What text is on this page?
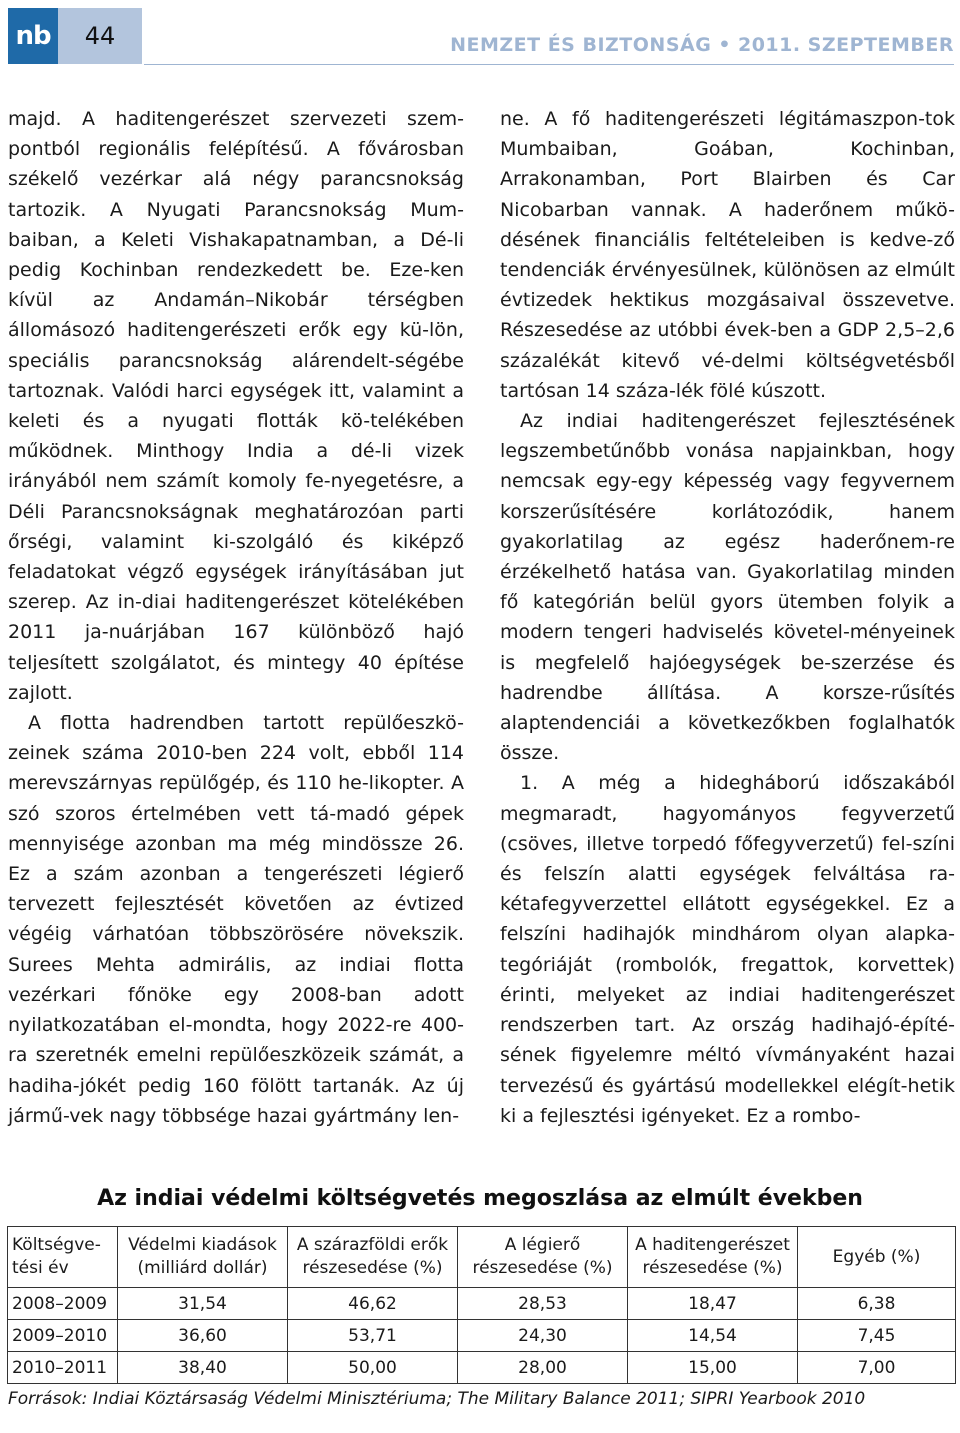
nb	44	NEMZET ÉS BIZTONSÁG • 2011. SZEPTEMBER

majd. A haditengerészet szervezeti szem-pontból regionális felépítésű. A fővárosban székelő vezérkar alá négy parancsnokság tartozik. A Nyugati Parancsnokság Mum-baiban, a Keleti Vishakapatnamban, a Dé-li pedig Kochinban rendezkedett be. Eze-ken kívül az Andamán–Nikobár térségben állomásozó haditengerészeti erők egy kü-lön, speciális parancsnokság alárendelt-ségébe tartoznak. Valódi harci egységek itt, valamint a keleti és a nyugati flották kö-telékében működnek. Minthogy India a dé-li vizek irányából nem számít komoly fe-nyegetésre, a Déli Parancsnokságnak meghatározóan parti őrségi, valamint ki-szolgáló és kiképző feladatokat végző egységek irányításában jut szerep. Az in-diai haditengerészet kötelékében 2011 ja-nuárjában 167 különböző hajó teljesített szolgálatot, és mintegy 40 építése zajlott.

A flotta hadrendben tartott repülőeszkö-zeinek száma 2010-ben 224 volt, ebből 114 merevszárnyas repülőgép, és 110 he-likopter. A szó szoros értelmében vett tá-madó gépek mennyisége azonban ma még mindössze 26. Ez a szám azonban a tengerészeti légierő tervezett fejlesztését követően az évtized végéig várhatóan többszörösére növekszik. Surees Mehta admirális, az indiai flotta vezérkari főnöke egy 2008-ban adott nyilatkozatában el-mondta, hogy 2022-re 400-ra szeretnék emelni repülőeszközeik számát, a hadiha-jókét pedig 160 fölött tartanák. Az új jármű-vek nagy többsége hazai gyártmány len-

ne. A fő haditengerészeti légitámaszpon-tok Mumbaiban, Goában, Kochinban, Arrakonamban, Port Blairben és Car Nicobarban vannak. A haderőnem műkö-désének financiális feltételeiben is kedve-ző tendenciák érvényesülnek, különösen az elmúlt évtizedek hektikus mozgásaival összevetve. Részesedése az utóbbi évek-ben a GDP 2,5–2,6 százalékát kitevő vé-delmi költségvetésből tartósan 14 száza-lék fölé kúszott.

Az indiai haditengerészet fejlesztésének legszembetűnőbb vonása napjainkban, hogy nemcsak egy-egy képesség vagy fegyvernem korszerűsítésére korlátozódik, hanem gyakorlatilag az egész haderőnem-re érzékelhető hatása van. Gyakorlatilag minden fő kategórián belül gyors ütemben folyik a modern tengeri hadviselés követel-ményeinek is megfelelő hajóegységek be-szerzése és hadrendbe állítása. A korsze-rűsítés alaptendenciái a következőkben foglalhatók össze.

1. A még a hidegháború időszakából megmaradt, hagyományos fegyverzetű (csöves, illetve torpedó főfegyverzetű) fel-színi és felszín alatti egységek felváltása ra-kétafegyverzettel ellátott egységekkel. Ez a felszíni hadihajók mindhárom olyan alapka-tegóriáját (rombolók, fregattok, korvettek) érinti, melyeket az indiai haditengerészet rendszerben tart. Az ország hadihajó-építé-sének figyelemre méltó vívmányaként hazai tervezésű és gyártású modellekkel elégít-hetik ki a fejlesztési igényeket. Ez a rombo-

Az indiai védelmi költségvetés megoszlása az elmúlt években
Költségve-tési év	Védelmi kiadások (milliárd dollár)	A szárazföldi erők részesedése (%)	A légierő részesedése (%)	A haditengerészet részesedése (%)	Egyéb (%)
2008–2009	31,54	46,62	28,53	18,47	6,38
2009–2010	36,60	53,71	24,30	14,54	7,45
2010–2011	38,40	50,00	28,00	15,00	7,00
Források: Indiai Köztársaság Védelmi Minisztériuma; The Military Balance 2011; SIPRI Yearbook 2010
